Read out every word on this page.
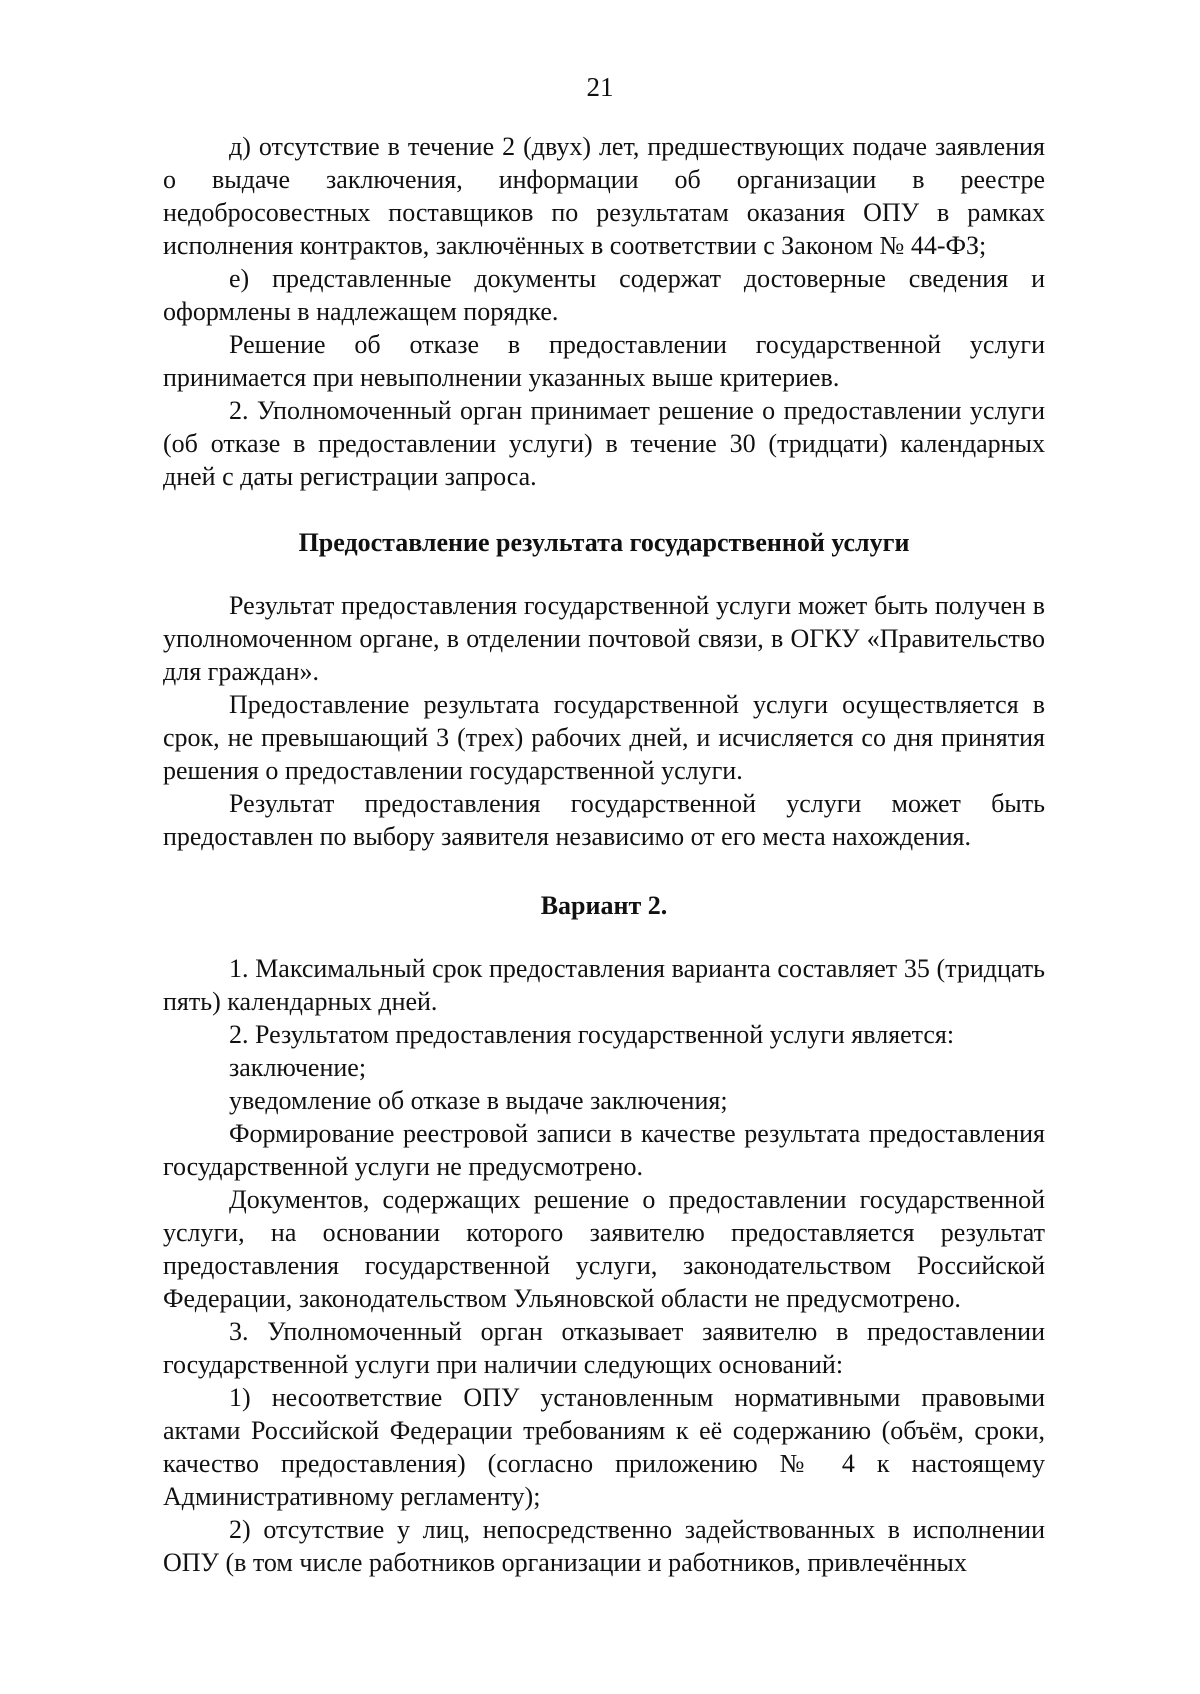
21

д) отсутствие в течение 2 (двух) лет, предшествующих подаче заявления о выдаче заключения, информации об организации в реестре недобросовестных поставщиков по результатам оказания ОПУ в рамках исполнения контрактов, заключённых в соответствии с Законом № 44-ФЗ;

е) представленные документы содержат достоверные сведения и оформлены в надлежащем порядке.

Решение об отказе в предоставлении государственной услуги принимается при невыполнении указанных выше критериев.

2. Уполномоченный орган принимает решение о предоставлении услуги (об отказе в предоставлении услуги) в течение 30 (тридцати) календарных дней с даты регистрации запроса.

Предоставление результата государственной услуги

Результат предоставления государственной услуги может быть получен в уполномоченном органе, в отделении почтовой связи, в ОГКУ «Правительство для граждан».

Предоставление результата государственной услуги осуществляется в срок, не превышающий 3 (трех) рабочих дней, и исчисляется со дня принятия решения о предоставлении государственной услуги.

Результат предоставления государственной услуги может быть предоставлен по выбору заявителя независимо от его места нахождения.

Вариант 2.

1. Максимальный срок предоставления варианта составляет 35 (тридцать пять) календарных дней.

2. Результатом предоставления государственной услуги является:

заключение;

уведомление об отказе в выдаче заключения;

Формирование реестровой записи в качестве результата предоставления государственной услуги не предусмотрено.

Документов, содержащих решение о предоставлении государственной услуги, на основании которого заявителю предоставляется результат предоставления государственной услуги, законодательством Российской Федерации, законодательством Ульяновской области не предусмотрено.

3. Уполномоченный орган отказывает заявителю в предоставлении государственной услуги при наличии следующих оснований:

1) несоответствие ОПУ установленным нормативными правовыми актами Российской Федерации требованиям к её содержанию (объём, сроки, качество предоставления) (согласно приложению № 4 к настоящему Административному регламенту);

2) отсутствие у лиц, непосредственно задействованных в исполнении ОПУ (в том числе работников организации и работников, привлечённых
